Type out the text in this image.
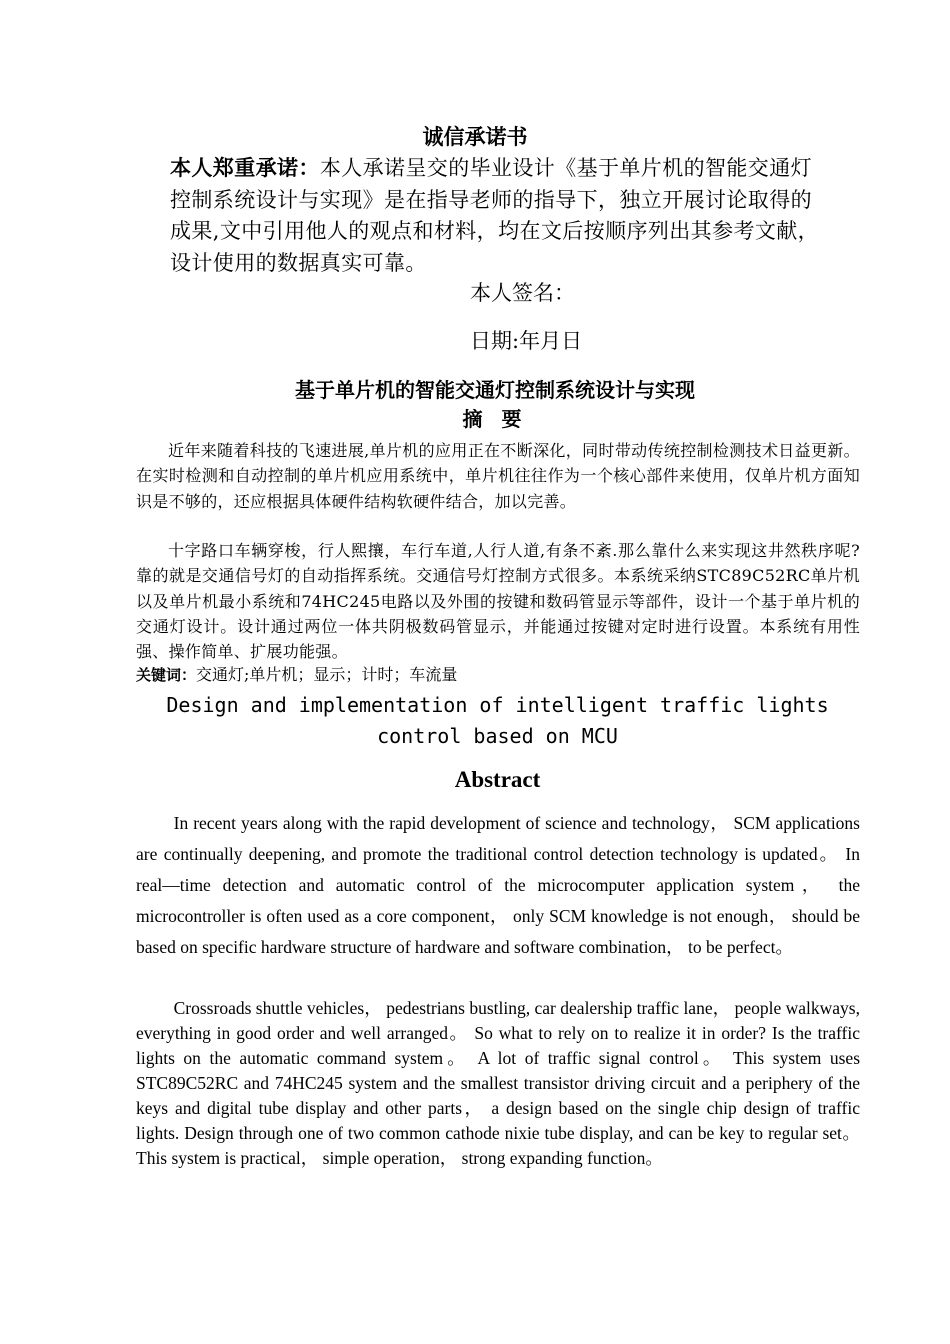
诚信承诺书
本人郑重承诺：本人承诺呈交的毕业设计《基于单片机的智能交通灯控制系统设计与实现》是在指导老师的指导下，独立开展讨论取得的成果,文中引用他人的观点和材料，均在文后按顺序列出其参考文献，设计使用的数据真实可靠。
本人签名：
日期:年月日
基于单片机的智能交通灯控制系统设计与实现
摘 要
近年来随着科技的飞速进展,单片机的应用正在不断深化，同时带动传统控制检测技术日益更新。在实时检测和自动控制的单片机应用系统中，单片机往往作为一个核心部件来使用，仅单片机方面知识是不够的，还应根据具体硬件结构软硬件结合，加以完善。
十字路口车辆穿梭，行人熙攘，车行车道,人行人道,有条不紊.那么靠什么来实现这井然秩序呢?靠的就是交通信号灯的自动指挥系统。交通信号灯控制方式很多。本系统采纳STC89C52RC单片机以及单片机最小系统和74HC245电路以及外围的按键和数码管显示等部件，设计一个基于单片机的交通灯设计。设计通过两位一体共阴极数码管显示，并能通过按键对定时进行设置。本系统有用性强、操作简单、扩展功能强。
关键词：交通灯;单片机；显示；计时；车流量
Design and implementation of intelligent traffic lights
control based on MCU
Abstract
In recent years along with the rapid development of science and technology， SCM applications are continually deepening, and promote the traditional control detection technology is updated。 In real—time detection and automatic control of the microcomputer application system， the microcontroller is often used as a core component， only SCM knowledge is not enough， should be based on specific hardware structure of hardware and software combination， to be perfect。
Crossroads shuttle vehicles， pedestrians bustling, car dealership traffic lane， people walkways, everything in good order and well arranged。 So what to rely on to realize it in order? Is the traffic lights on the automatic command system。 A lot of traffic signal control。 This system uses STC89C52RC and 74HC245 system and the smallest transistor driving circuit and a periphery of the keys and digital tube display and other parts， a design based on the single chip design of traffic lights. Design through one of two common cathode nixie tube display, and can be key to regular set。 This system is practical， simple operation， strong expanding function。
